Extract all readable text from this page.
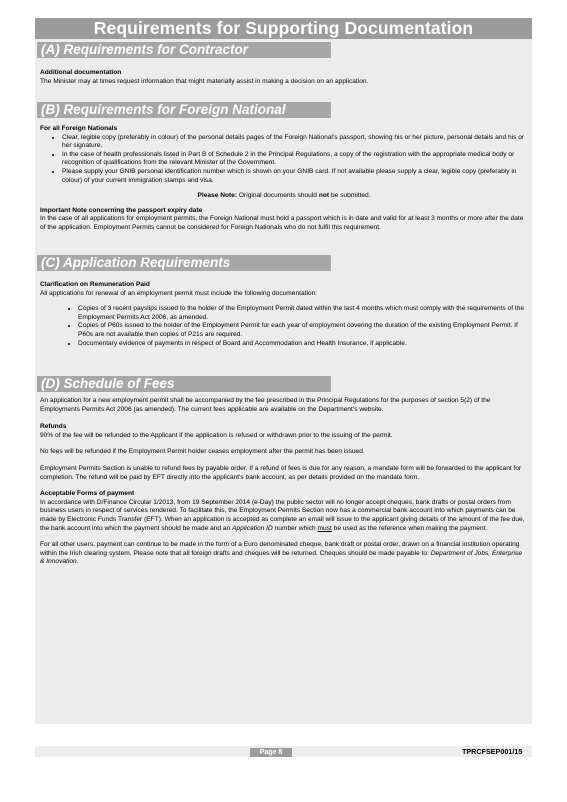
Requirements for Supporting Documentation
(A) Requirements for Contractor
Additional documentation

The Minister may at times request information that might materially assist in making a decision on an application.

(B) Requirements for Foreign National
For all Foreign Nationals
• Clear, legible copy (preferably in colour) of the personal details pages of the Foreign National’s passport, showing his or her picture, personal details and his or her signature.
• In the case of health professionals listed in Part B of Schedule 2 in the Principal Regulations, a copy of the registration with the appropriate medical body or recognition of qualifications from the relevant Minister of the Government.
• Please supply your GNIB personal identification number which is shown on your GNIB card. If not available please supply a clear, legible copy (preferably in colour) of your current immigration stamps and visa.
Please Note: Original documents should not be submitted.
Important Note concerning the passport expiry date

In the case of all applications for employment permits, the Foreign National must hold a passport which is in date and valid for at least 3 months or more after the date of the application. Employment Permits cannot be considered for Foreign Nationals who do not fulfil this requirement.

(C) Application Requirements
Clarification on Remuneration Paid

All applications for renewal of an employment permit must include the following documentation:

• Copies of 3 recent payslips issued to the holder of the Employment Permit dated within the last 4 months which must comply with the requirements of the Employment Permits Act 2006, as amended.
• Copies of P60s issued to the holder of the Employment Permit for each year of employment covering the duration of the existing Employment Permit. If P60s are not available then copies of P21s are required.
• Documentary evidence of payments in respect of Board and Accommodation and Health Insurance, if applicable.
(D) Schedule of Fees

An application for a new employment permit shall be accompanied by the fee prescribed in the Principal Regulations for the purposes of section 5(2) of the Employments Permits Act 2006 (as amended). The current fees applicable are available on the Department’s website.

Refunds

90% of the fee will be refunded to the Applicant if the application is refused or withdrawn prior to the issuing of the permit.

No fees will be refunded if the Employment Permit holder ceases employment after the permit has been issued.

Employment Permits Section is unable to refund fees by payable order. If a refund of fees is due for any reason, a mandate form will be forwarded to the applicant for completion. The refund will be paid by EFT directly into the applicant's bank account, as per details provided on the mandate form.

Acceptable Forms of payment

In accordance with D/Finance Circular 1/2013, from 19 September 2014 (e-Day) the public sector will no longer accept cheques, bank drafts or postal orders from business users in respect of services rendered. To facilitate this, the Employment Permits Section now has a commercial bank account into which payments can be made by Electronic Funds Transfer (EFT). When an application is accepted as complete an email will issue to the applicant giving details of the amount of the fee due, the bank account into which the payment should be made and an Application ID number which must be used as the reference when making the payment.

For all other users, payment can continue to be made in the form of a Euro denominated cheque, bank draft or postal order, drawn on a financial institution operating within the Irish clearing system. Please note that all foreign drafts and cheques will be returned. Cheques should be made payable to: Department of Jobs, Enterprise & Innovation.

Page 8	TPRCFSEP001/15
